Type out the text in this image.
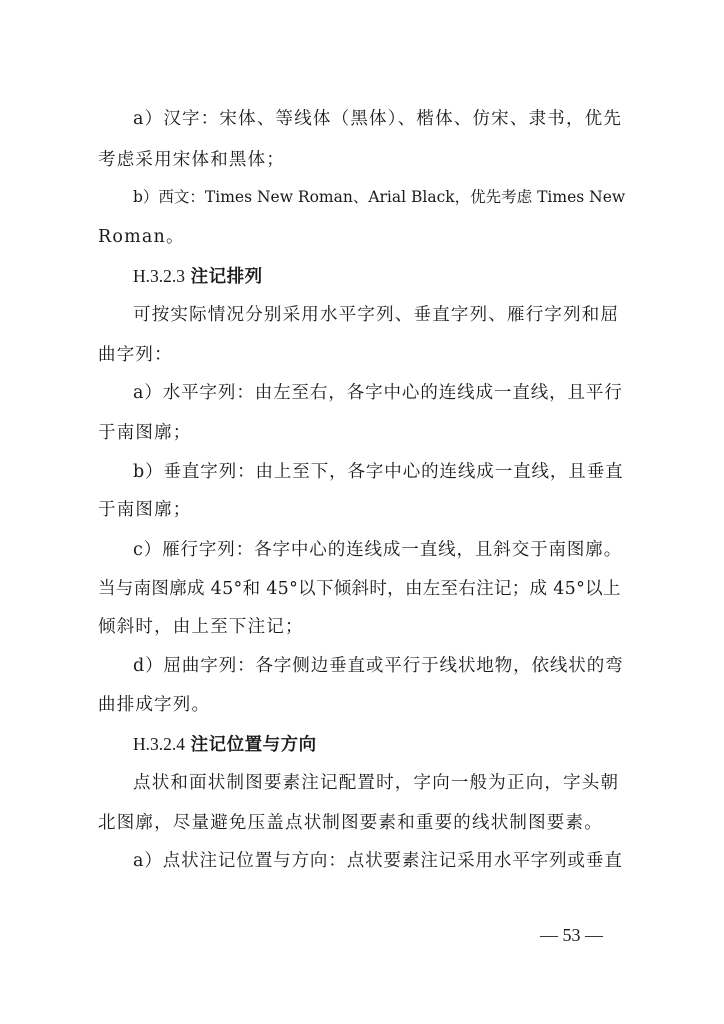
a）汉字：宋体、等线体（黑体）、楷体、仿宋、隶书，优先
考虑采用宋体和黑体；
b）西文：Times New Roman、Arial Black，优先考虑 Times New
Roman。
H.3.2.3 注记排列
可按实际情况分别采用水平字列、垂直字列、雁行字列和屈
曲字列：
a）水平字列：由左至右，各字中心的连线成一直线，且平行
于南图廓；
b）垂直字列：由上至下，各字中心的连线成一直线，且垂直
于南图廓；
c）雁行字列：各字中心的连线成一直线，且斜交于南图廓。
当与南图廓成 45°和 45°以下倾斜时，由左至右注记；成 45°以上
倾斜时，由上至下注记；
d）屈曲字列：各字侧边垂直或平行于线状地物，依线状的弯
曲排成字列。
H.3.2.4 注记位置与方向
点状和面状制图要素注记配置时，字向一般为正向，字头朝
北图廓，尽量避免压盖点状制图要素和重要的线状制图要素。
a）点状注记位置与方向：点状要素注记采用水平字列或垂直
— 53 —
